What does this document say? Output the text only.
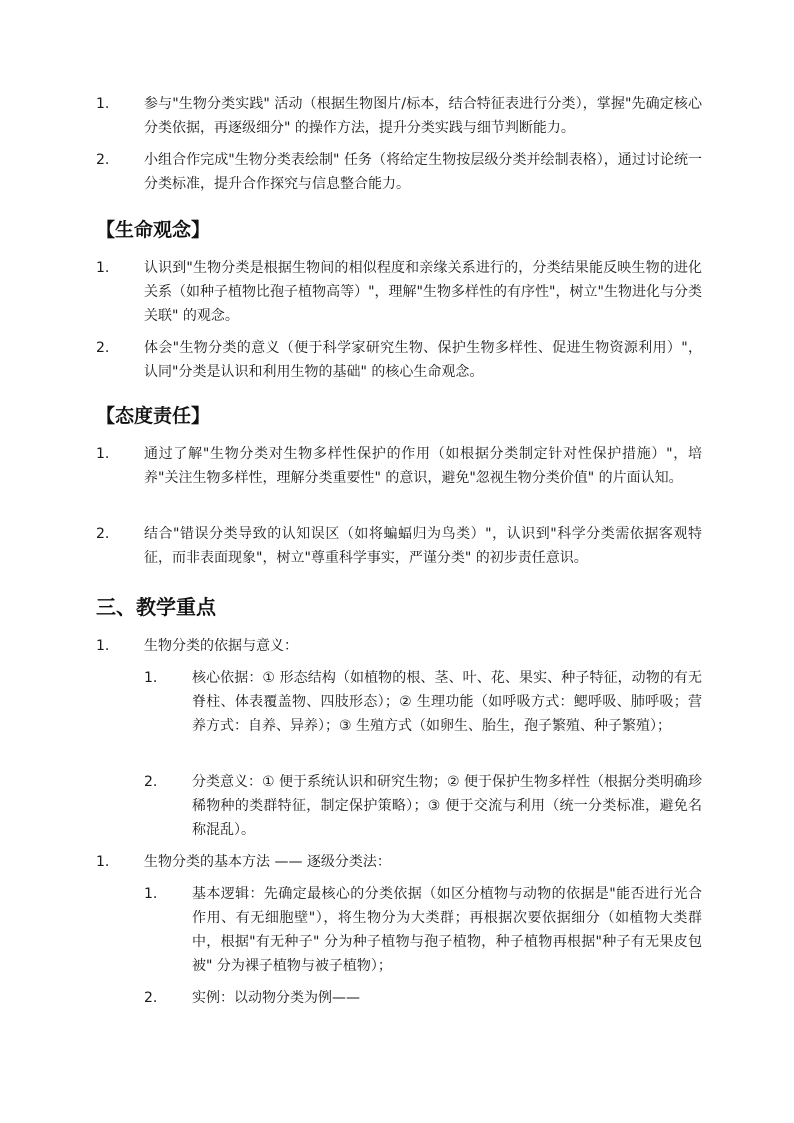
1. 参与"生物分类实践" 活动（根据生物图片/标本，结合特征表进行分类），掌握"先确定核心分类依据，再逐级细分" 的操作方法，提升分类实践与细节判断能力。
2. 小组合作完成"生物分类表绘制" 任务（将给定生物按层级分类并绘制表格），通过讨论统一分类标准，提升合作探究与信息整合能力。
【生命观念】
1. 认识到"生物分类是根据生物间的相似程度和亲缘关系进行的，分类结果能反映生物的进化关系（如种子植物比孢子植物高等）"，理解"生物多样性的有序性"，树立"生物进化与分类关联" 的观念。
2. 体会"生物分类的意义（便于科学家研究生物、保护生物多样性、促进生物资源利用）"，认同"分类是认识和利用生物的基础" 的核心生命观念。
【态度责任】
1. 通过了解"生物分类对生物多样性保护的作用（如根据分类制定针对性保护措施）"，培养"关注生物多样性，理解分类重要性" 的意识，避免"忽视生物分类价值" 的片面认知。
2. 结合"错误分类导致的认知误区（如将蝙蝠归为鸟类）"，认识到"科学分类需依据客观特征，而非表面现象"，树立"尊重科学事实，严谨分类" 的初步责任意识。
三、教学重点
1. 生物分类的依据与意义：
1. 核心依据：① 形态结构（如植物的根、茎、叶、花、果实、种子特征，动物的有无脊柱、体表覆盖物、四肢形态）；② 生理功能（如呼吸方式：鳃呼吸、肺呼吸；营养方式：自养、异养）；③ 生殖方式（如卵生、胎生，孢子繁殖、种子繁殖）；
2. 分类意义：① 便于系统认识和研究生物；② 便于保护生物多样性（根据分类明确珍稀物种的类群特征，制定保护策略）；③ 便于交流与利用（统一分类标准，避免名称混乱）。
1. 生物分类的基本方法 —— 逐级分类法：
1. 基本逻辑：先确定最核心的分类依据（如区分植物与动物的依据是"能否进行光合作用、有无细胞壁"），将生物分为大类群；再根据次要依据细分（如植物大类群中，根据"有无种子" 分为种子植物与孢子植物，种子植物再根据"种子有无果皮包被" 分为裸子植物与被子植物）；
2. 实例：以动物分类为例——
